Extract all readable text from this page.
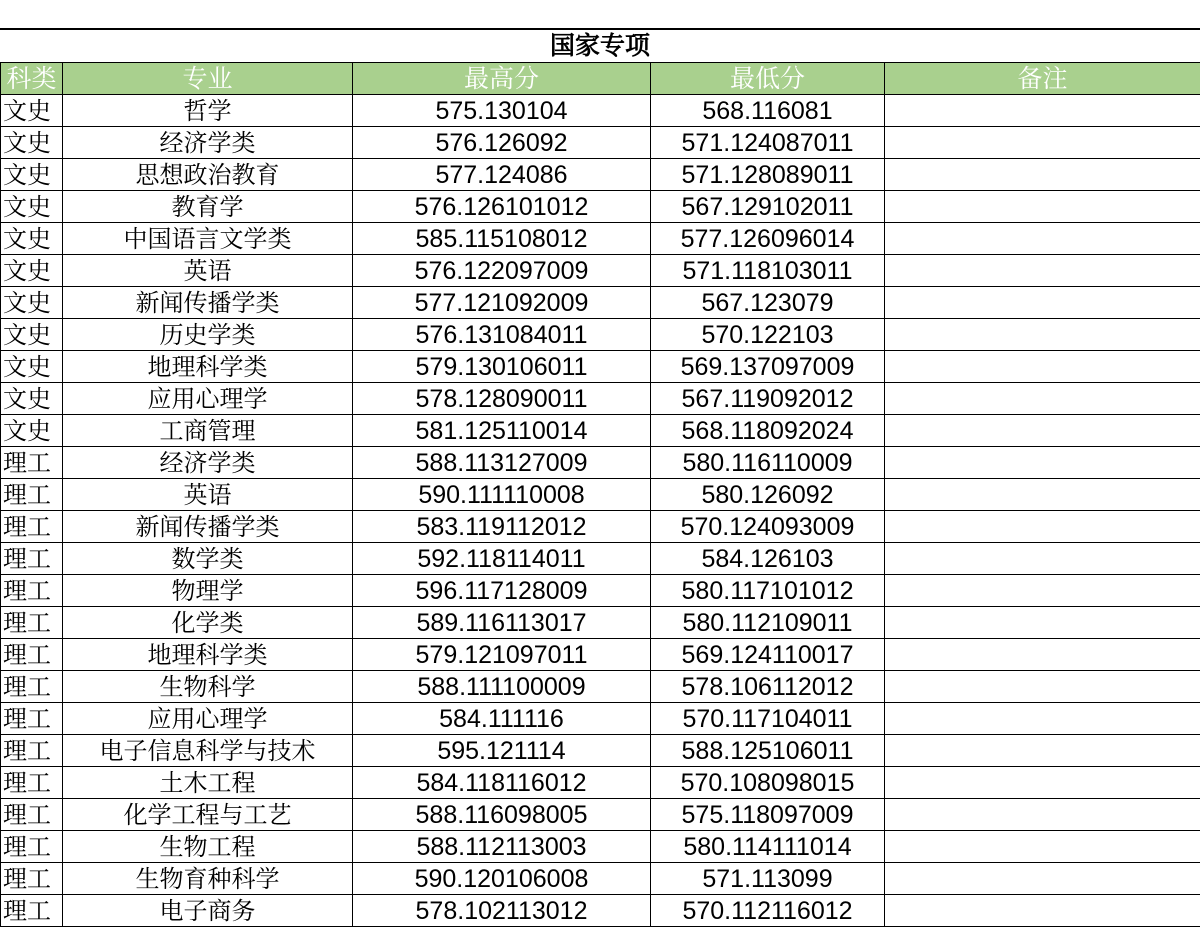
国家专项
科类	专业	最高分	最低分	备注
文史	哲学	575.130104	568.116081	
文史	经济学类	576.126092	571.124087011	
文史	思想政治教育	577.124086	571.128089011	
文史	教育学	576.126101012	567.129102011	
文史	中国语言文学类	585.115108012	577.126096014	
文史	英语	576.122097009	571.118103011	
文史	新闻传播学类	577.121092009	567.123079	
文史	历史学类	576.131084011	570.122103	
文史	地理科学类	579.130106011	569.137097009	
文史	应用心理学	578.128090011	567.119092012	
文史	工商管理	581.125110014	568.118092024	
理工	经济学类	588.113127009	580.116110009	
理工	英语	590.111110008	580.126092	
理工	新闻传播学类	583.119112012	570.124093009	
理工	数学类	592.118114011	584.126103	
理工	物理学	596.117128009	580.117101012	
理工	化学类	589.116113017	580.112109011	
理工	地理科学类	579.121097011	569.124110017	
理工	生物科学	588.111100009	578.106112012	
理工	应用心理学	584.111116	570.117104011	
理工	电子信息科学与技术	595.121114	588.125106011	
理工	土木工程	584.118116012	570.108098015	
理工	化学工程与工艺	588.116098005	575.118097009	
理工	生物工程	588.112113003	580.114111014	
理工	生物育种科学	590.120106008	571.113099	
理工	电子商务	578.102113012	570.112116012	
